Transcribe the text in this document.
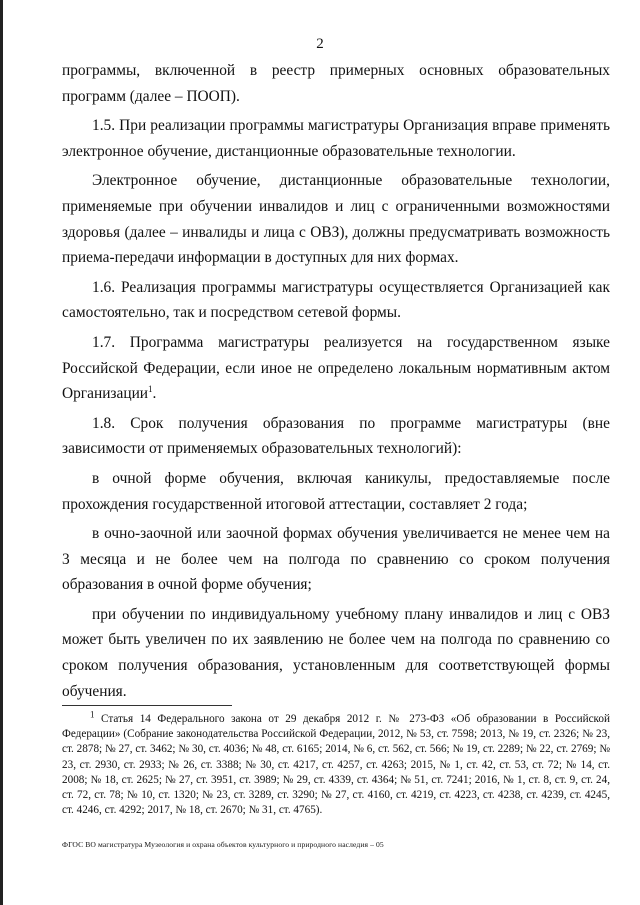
2

программы, включенной в реестр примерных основных образовательных программ (далее – ПООП).

1.5. При реализации программы магистратуры Организация вправе применять электронное обучение, дистанционные образовательные технологии.

Электронное обучение, дистанционные образовательные технологии, применяемые при обучении инвалидов и лиц с ограниченными возможностями здоровья (далее – инвалиды и лица с ОВЗ), должны предусматривать возможность приема-передачи информации в доступных для них формах.

1.6. Реализация программы магистратуры осуществляется Организацией как самостоятельно, так и посредством сетевой формы.

1.7. Программа магистратуры реализуется на государственном языке Российской Федерации, если иное не определено локальным нормативным актом Организации$^1$.

1.8. Срок получения образования по программе магистратуры (вне зависимости от применяемых образовательных технологий):

в очной форме обучения, включая каникулы, предоставляемые после прохождения государственной итоговой аттестации, составляет 2 года;

в очно-заочной или заочной формах обучения увеличивается не менее чем на 3 месяца и не более чем на полгода по сравнению со сроком получения образования в очной форме обучения;

при обучении по индивидуальному учебному плану инвалидов и лиц с ОВЗ может быть увеличен по их заявлению не более чем на полгода по сравнению со сроком получения образования, установленным для соответствующей формы обучения.

$^1$ Статья 14 Федерального закона от 29 декабря 2012 г. № 273-ФЗ «Об образовании в Российской Федерации» (Собрание законодательства Российской Федерации, 2012, № 53, ст. 7598; 2013, № 19, ст. 2326; № 23, ст. 2878; № 27, ст. 3462; № 30, ст. 4036; № 48, ст. 6165; 2014, № 6, ст. 562, ст. 566; № 19, ст. 2289; № 22, ст. 2769; № 23, ст. 2930, ст. 2933; № 26, ст. 3388; № 30, ст. 4217, ст. 4257, ст. 4263; 2015, № 1, ст. 42, ст. 53, ст. 72; № 14, ст. 2008; № 18, ст. 2625; № 27, ст. 3951, ст. 3989; № 29, ст. 4339, ст. 4364; № 51, ст. 7241; 2016, № 1, ст. 8, ст. 9, ст. 24, ст. 72, ст. 78; № 10, ст. 1320; № 23, ст. 3289, ст. 3290; № 27, ст. 4160, ст. 4219, ст. 4223, ст. 4238, ст. 4239, ст. 4245, ст. 4246, ст. 4292; 2017, № 18, ст. 2670; № 31, ст. 4765).
ФГОС ВО магистратура Музеология и охрана объектов культурного и природного наследия – 05
